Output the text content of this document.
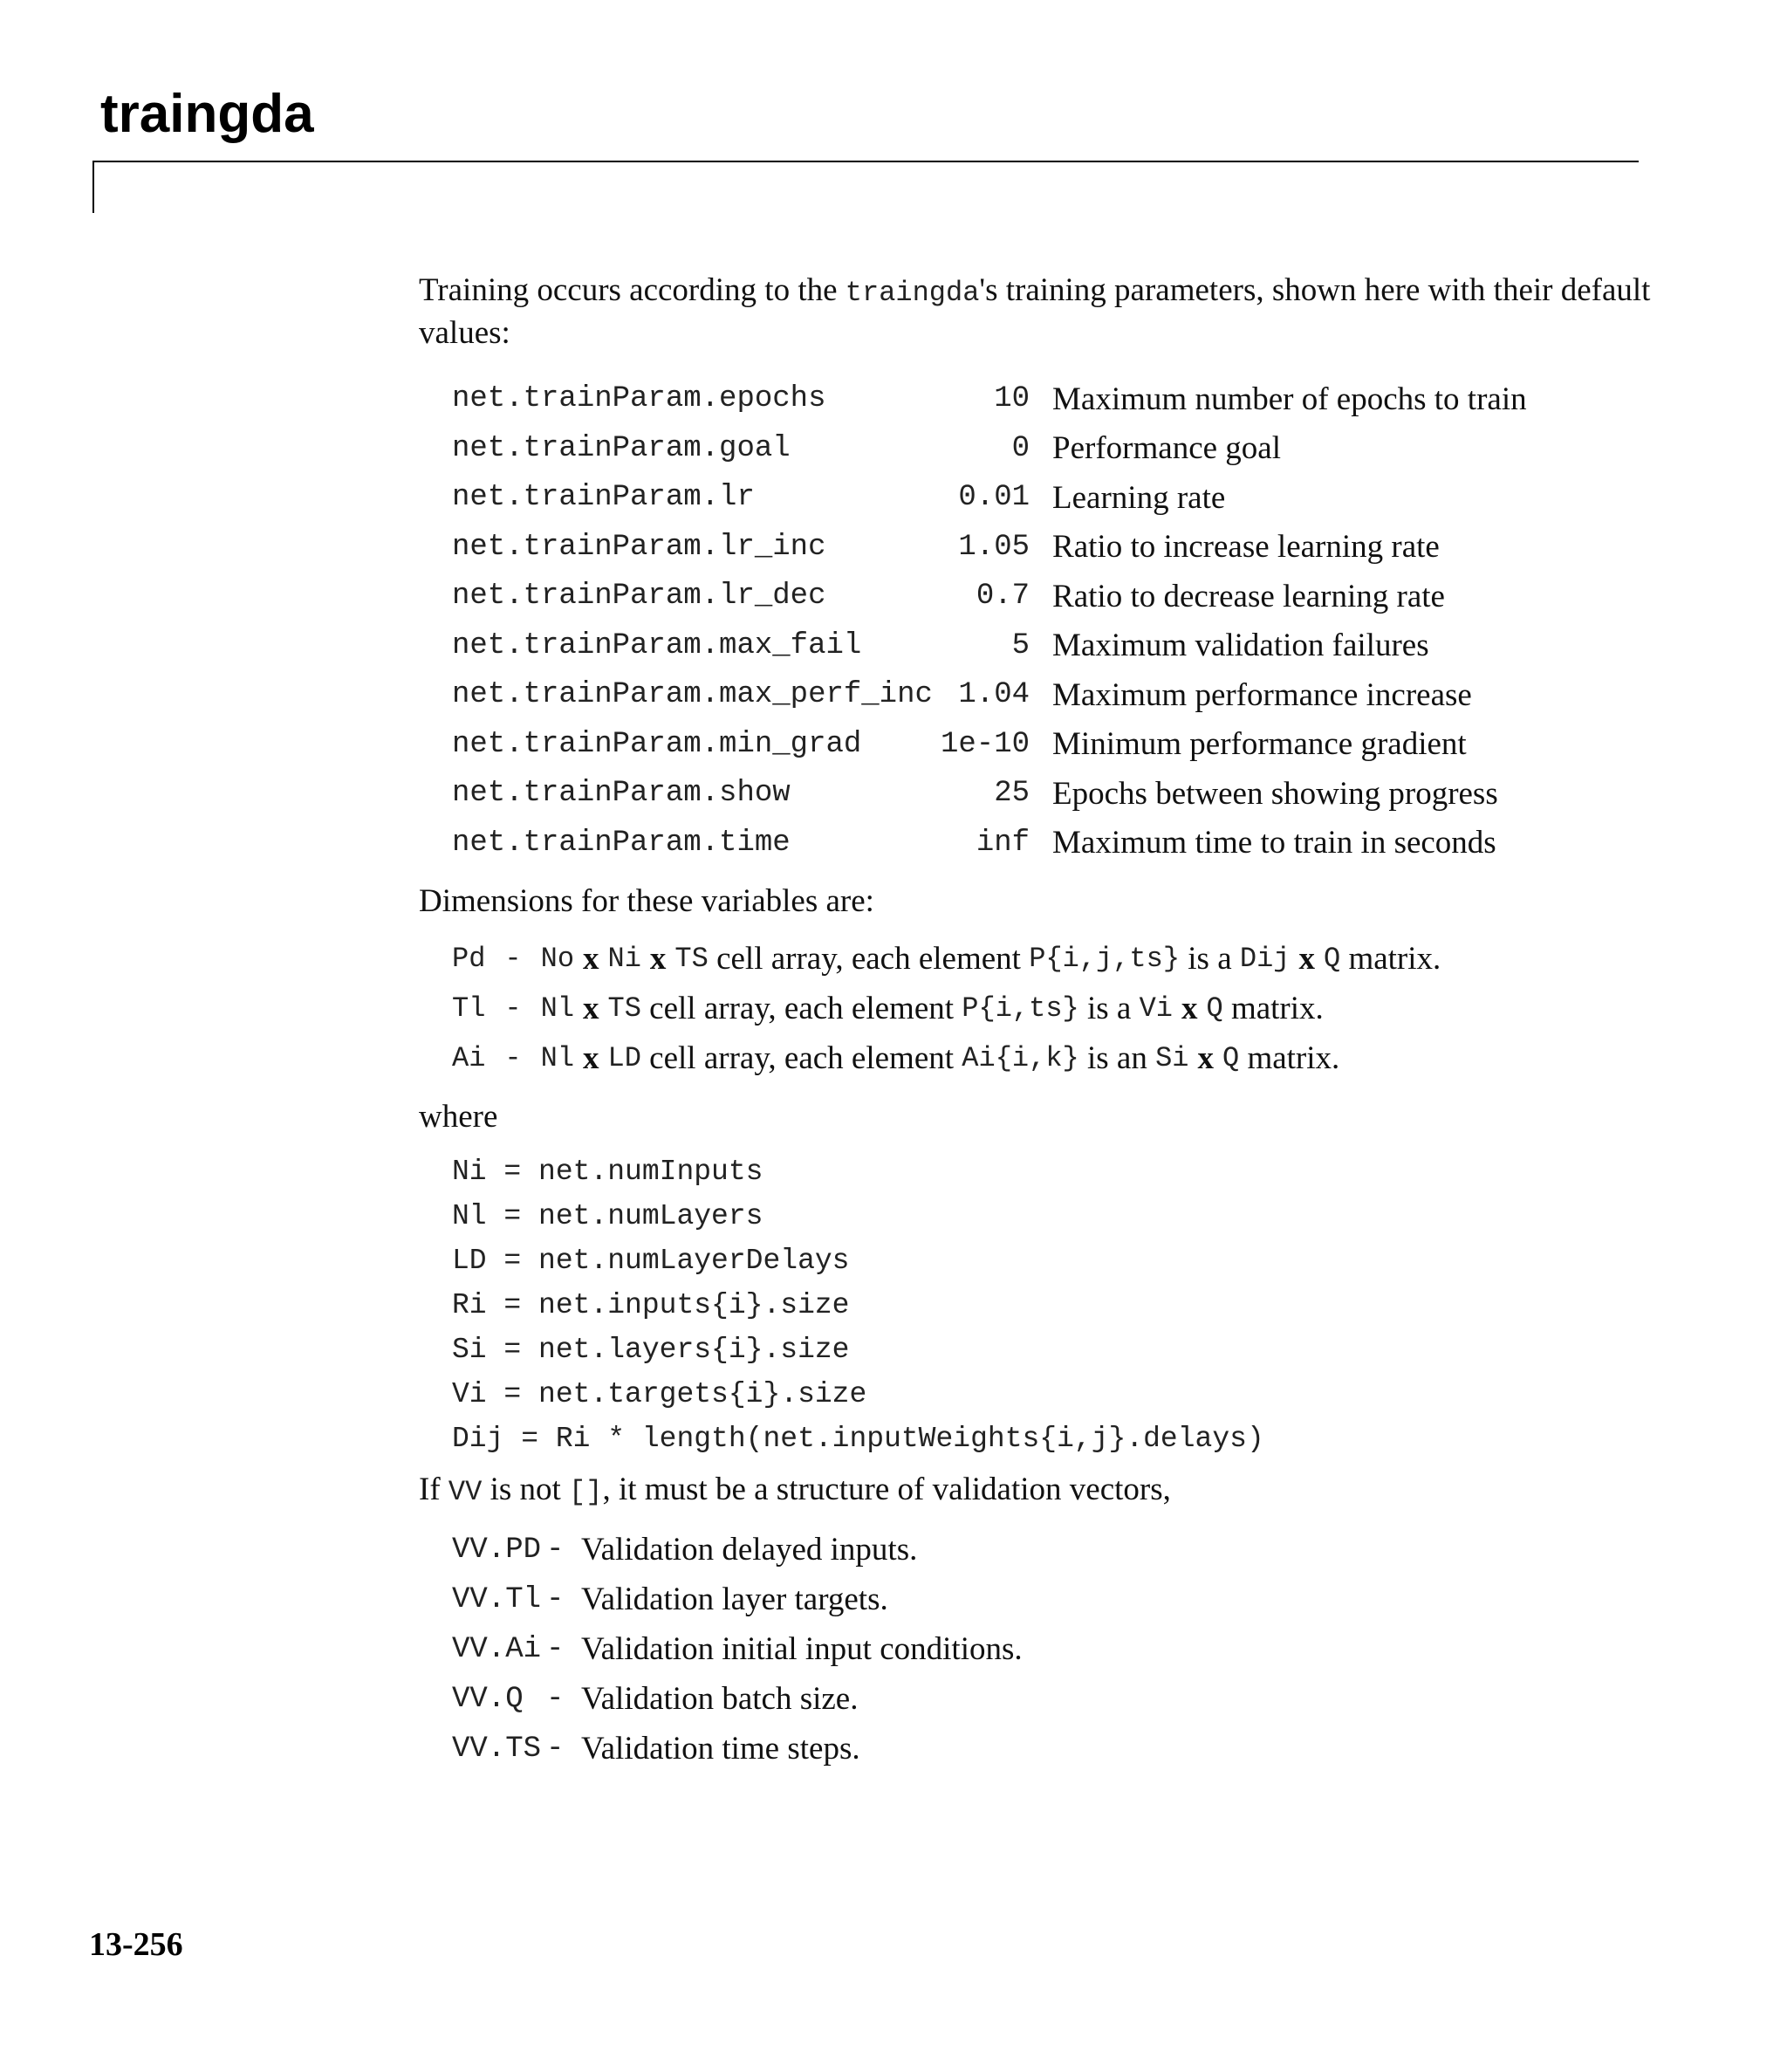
traingda

Training occurs according to the traingda's training parameters, shown here with their default values:

net.trainParam.epochs	10	Maximum number of epochs to train
net.trainParam.goal	0	Performance goal
net.trainParam.lr	0.01	Learning rate
net.trainParam.lr_inc	1.05	Ratio to increase learning rate
net.trainParam.lr_dec	0.7	Ratio to decrease learning rate
net.trainParam.max_fail	5	Maximum validation failures
net.trainParam.max_perf_inc	1.04	Maximum performance increase
net.trainParam.min_grad	1e-10	Minimum performance gradient
net.trainParam.show	25	Epochs between showing progress
net.trainParam.time	inf	Maximum time to train in seconds

Dimensions for these variables are:

Pd - No x Ni x TS
cell array, each element
P{i,j,ts}
is a
Dij x Q
matrix.
Tl - Nl x TS
cell array, each element
P{i,ts}
is a
Vi x Q
matrix.
Ai - Nl x LD
cell array, each element
Ai{i,k}
is an
Si x Q
matrix.

where

Ni = net.numInputs
Nl = net.numLayers
LD = net.numLayerDelays
Ri = net.inputs{i}.size
Si = net.layers{i}.size
Vi = net.targets{i}.size
Dij = Ri * length(net.inputWeights{i,j}.delays)

If VV is not [], it must be a structure of validation vectors,

VV.PD - Validation delayed inputs.
VV.Tl - Validation layer targets.
VV.Ai - Validation initial input conditions.
VV.Q - Validation batch size.
VV.TS - Validation time steps.
13-256
